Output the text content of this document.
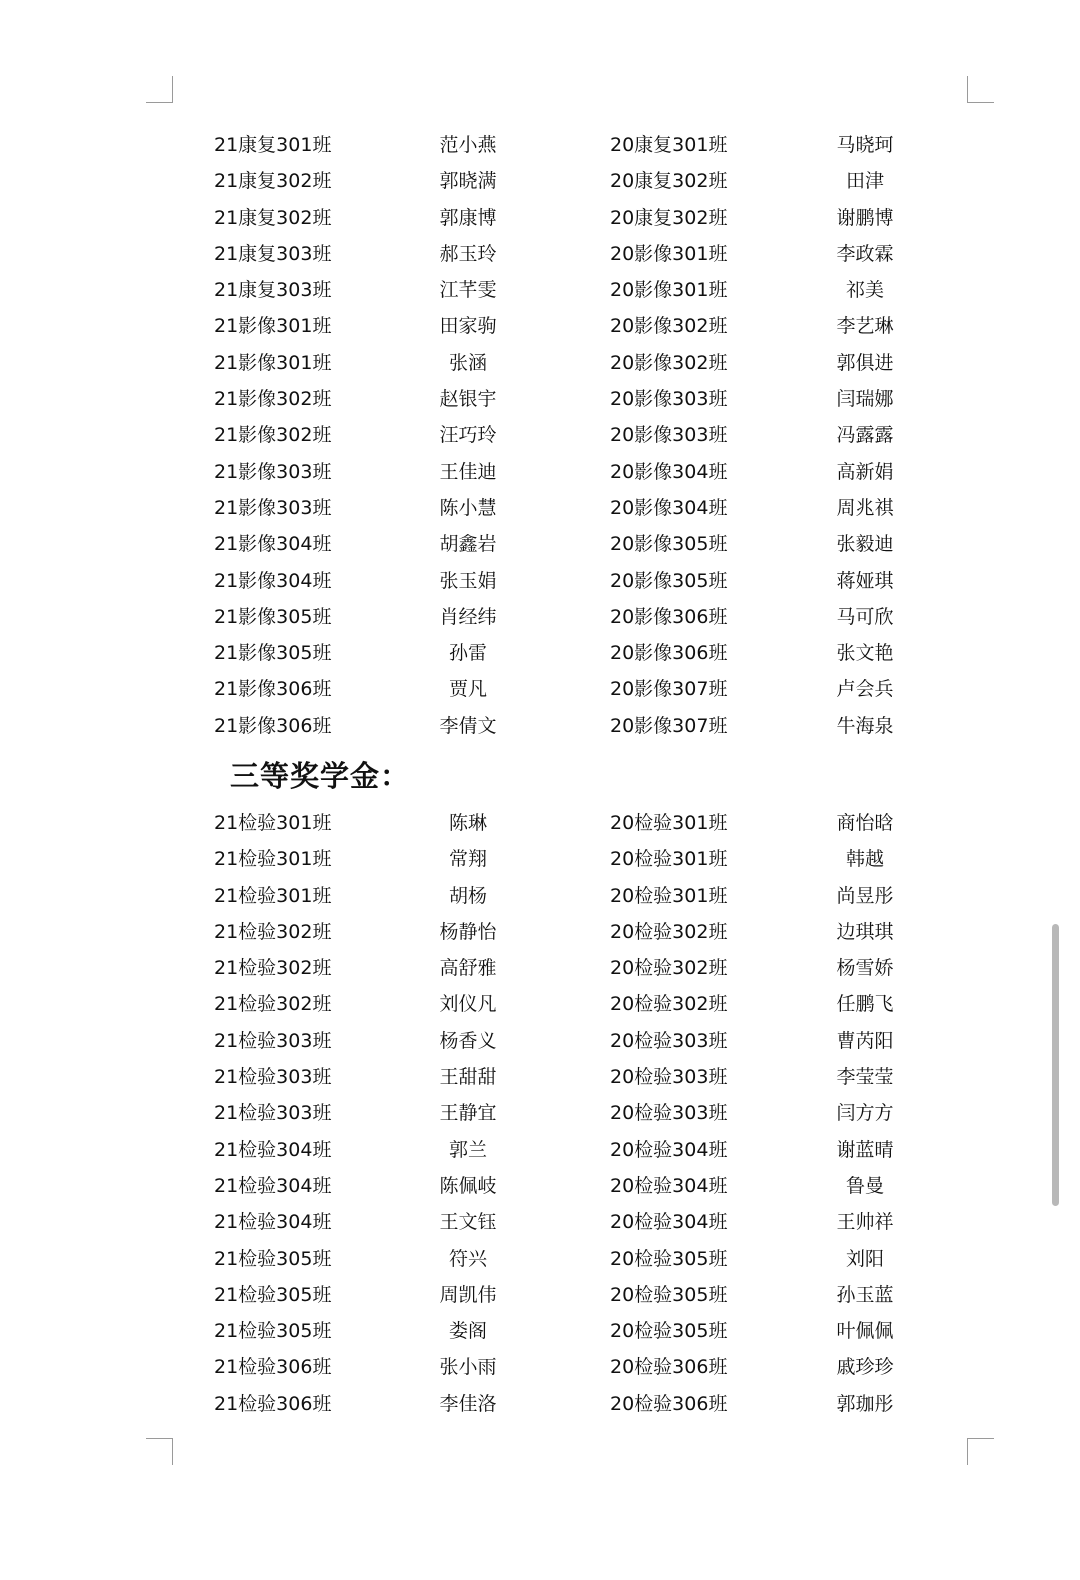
21康复301班	范小燕	20康复301班	马晓珂
21康复302班	郭晓满	20康复302班	田津
21康复302班	郭康博	20康复302班	谢鹏博
21康复303班	郝玉玲	20影像301班	李政霖
21康复303班	江芊雯	20影像301班	祁美
21影像301班	田家驹	20影像302班	李艺琳
21影像301班	张涵	20影像302班	郭俱进
21影像302班	赵银宇	20影像303班	闫瑞娜
21影像302班	汪巧玲	20影像303班	冯露露
21影像303班	王佳迪	20影像304班	高新娟
21影像303班	陈小慧	20影像304班	周兆祺
21影像304班	胡鑫岩	20影像305班	张毅迪
21影像304班	张玉娟	20影像305班	蒋娅琪
21影像305班	肖经纬	20影像306班	马可欣
21影像305班	孙雷	20影像306班	张文艳
21影像306班	贾凡	20影像307班	卢会兵
21影像306班	李倩文	20影像307班	牛海泉
三等奖学金：
21检验301班	陈琳	20检验301班	商怡晗
21检验301班	常翔	20检验301班	韩越
21检验301班	胡杨	20检验301班	尚昱彤
21检验302班	杨静怡	20检验302班	边琪琪
21检验302班	高舒雅	20检验302班	杨雪娇
21检验302班	刘仪凡	20检验302班	任鹏飞
21检验303班	杨香义	20检验303班	曹芮阳
21检验303班	王甜甜	20检验303班	李莹莹
21检验303班	王静宜	20检验303班	闫方方
21检验304班	郭兰	20检验304班	谢蓝晴
21检验304班	陈佩岐	20检验304班	鲁曼
21检验304班	王文钰	20检验304班	王帅祥
21检验305班	符兴	20检验305班	刘阳
21检验305班	周凯伟	20检验305班	孙玉蓝
21检验305班	娄阁	20检验305班	叶佩佩
21检验306班	张小雨	20检验306班	戚珍珍
21检验306班	李佳洛	20检验306班	郭珈彤
